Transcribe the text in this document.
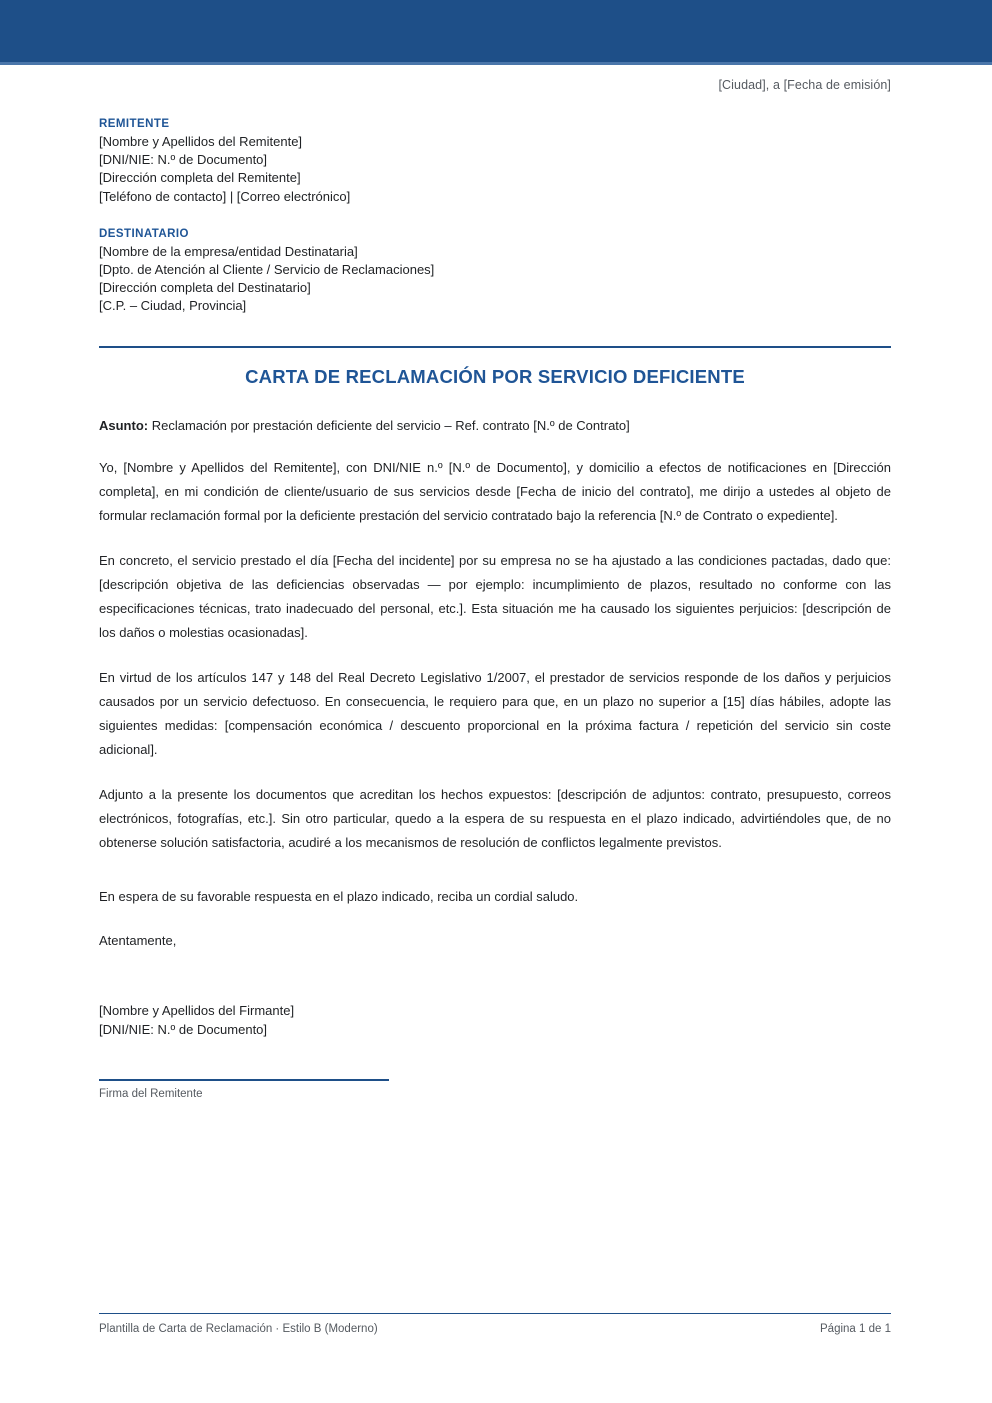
[Ciudad], a [Fecha de emisión]
REMITENTE
[Nombre y Apellidos del Remitente]
[DNI/NIE: N.º de Documento]
[Dirección completa del Remitente]
[Teléfono de contacto] | [Correo electrónico]
DESTINATARIO
[Nombre de la empresa/entidad Destinataria]
[Dpto. de Atención al Cliente / Servicio de Reclamaciones]
[Dirección completa del Destinatario]
[C.P. – Ciudad, Provincia]
CARTA DE RECLAMACIÓN POR SERVICIO DEFICIENTE
Asunto: Reclamación por prestación deficiente del servicio – Ref. contrato [N.º de Contrato]

Yo, [Nombre y Apellidos del Remitente], con DNI/NIE n.º [N.º de Documento], y domicilio a efectos de notificaciones en [Dirección completa], en mi condición de cliente/usuario de sus servicios desde [Fecha de inicio del contrato], me dirijo a ustedes al objeto de formular reclamación formal por la deficiente prestación del servicio contratado bajo la referencia [N.º de Contrato o expediente].

En concreto, el servicio prestado el día [Fecha del incidente] por su empresa no se ha ajustado a las condiciones pactadas, dado que: [descripción objetiva de las deficiencias observadas — por ejemplo: incumplimiento de plazos, resultado no conforme con las especificaciones técnicas, trato inadecuado del personal, etc.]. Esta situación me ha causado los siguientes perjuicios: [descripción de los daños o molestias ocasionadas].

En virtud de los artículos 147 y 148 del Real Decreto Legislativo 1/2007, el prestador de servicios responde de los daños y perjuicios causados por un servicio defectuoso. En consecuencia, le requiero para que, en un plazo no superior a [15] días hábiles, adopte las siguientes medidas: [compensación económica / descuento proporcional en la próxima factura / repetición del servicio sin coste adicional].

Adjunto a la presente los documentos que acreditan los hechos expuestos: [descripción de adjuntos: contrato, presupuesto, correos electrónicos, fotografías, etc.]. Sin otro particular, quedo a la espera de su respuesta en el plazo indicado, advirtiéndoles que, de no obtenerse solución satisfactoria, acudiré a los mecanismos de resolución de conflictos legalmente previstos.

En espera de su favorable respuesta en el plazo indicado, reciba un cordial saludo.
Atentamente,
[Nombre y Apellidos del Firmante]
[DNI/NIE: N.º de Documento]
Firma del Remitente
Plantilla de Carta de Reclamación · Estilo B (Moderno)	Página 1 de 1
